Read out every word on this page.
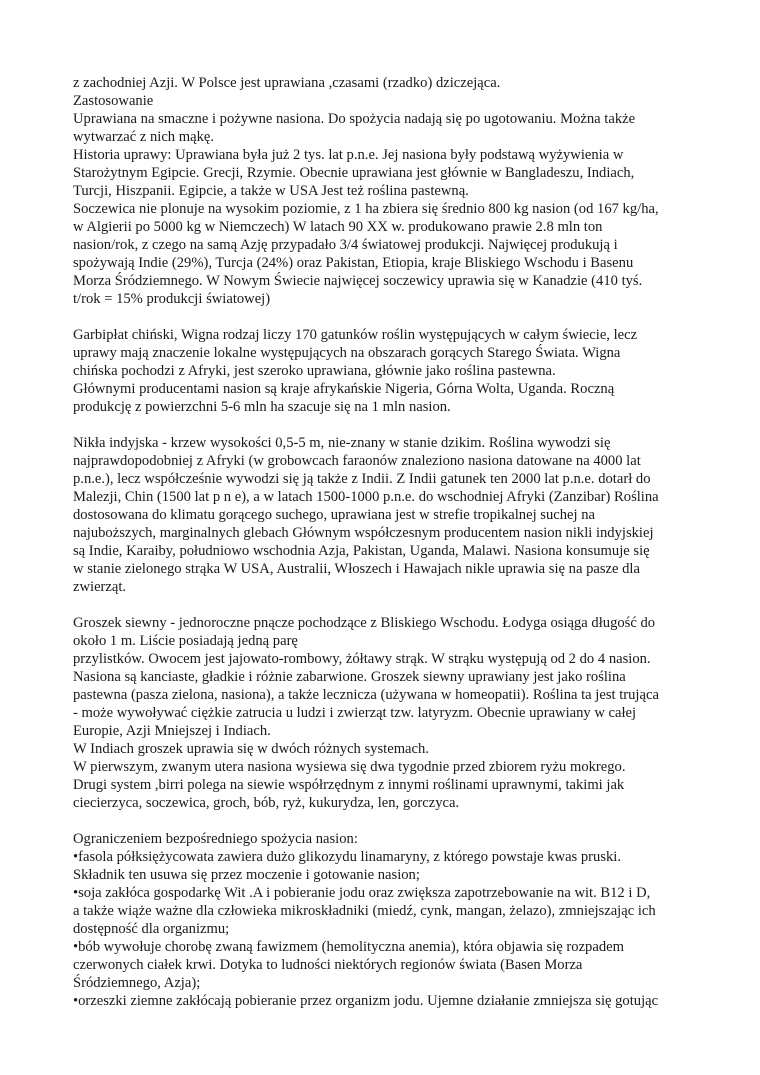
z zachodniej Azji. W Polsce jest uprawiana ,czasami (rzadko) dziczejąca.
Zastosowanie
Uprawiana na smaczne i pożywne nasiona. Do spożycia nadają się po ugotowaniu. Można także
wytwarzać z nich mąkę.
Historia uprawy: Uprawiana była już 2 tys. lat p.n.e. Jej nasiona były podstawą wyżywienia w
Starożytnym Egipcie. Grecji, Rzymie. Obecnie uprawiana jest głównie w Bangladeszu, Indiach,
Turcji, Hiszpanii. Egipcie, a także w USA Jest też roślina pastewną.
Soczewica nie plonuje na wysokim poziomie, z 1 ha zbiera się średnio 800 kg nasion (od 167 kg/ha,
w Algierii po 5000 kg w Niemczech) W latach 90 XX w. produkowano prawie 2.8 mln ton
nasion/rok, z czego na samą Azję przypadało 3/4 światowej produkcji. Najwięcej produkują i
spożywają Indie (29%), Turcja (24%) oraz Pakistan, Etiopia, kraje Bliskiego Wschodu i Basenu
Morza Śródziemnego. W Nowym Świecie najwięcej soczewicy uprawia się w Kanadzie (410 tyś.
t/rok = 15% produkcji światowej)
Garbipłat chiński, Wigna rodzaj liczy 170 gatunków roślin występujących w całym świecie, lecz
uprawy mają znaczenie lokalne występujących na obszarach gorących Starego Świata. Wigna
chińska pochodzi z Afryki, jest szeroko uprawiana, głównie jako roślina pastewna.
Głównymi producentami nasion są kraje afrykańskie Nigeria, Górna Wolta, Uganda. Roczną
produkcję z powierzchni 5-6 mln ha szacuje się na 1 mln nasion.
Nikła indyjska - krzew wysokości 0,5-5 m, nie-znany w stanie dzikim. Roślina wywodzi się
najprawdopodobniej z Afryki (w grobowcach faraonów znaleziono nasiona datowane na 4000 lat
p.n.e.), lecz współcześnie wywodzi się ją także z Indii. Z Indii gatunek ten 2000 lat p.n.e. dotarł do
Malezji, Chin (1500 lat p n e), a w latach 1500-1000 p.n.e. do wschodniej Afryki (Zanzibar) Roślina
dostosowana do klimatu gorącego suchego, uprawiana jest w strefie tropikalnej suchej na
najuboższych, marginalnych glebach Głównym współczesnym producentem nasion nikli indyjskiej
są Indie, Karaiby, południowo wschodnia Azja, Pakistan, Uganda, Malawi. Nasiona konsumuje się
w stanie zielonego strąka W USA, Australii, Włoszech i Hawajach nikle uprawia się na pasze dla
zwierząt.
Groszek siewny - jednoroczne pnącze pochodzące z Bliskiego Wschodu. Łodyga osiąga długość do
około 1 m. Liście posiadają jedną parę
przylistków. Owocem jest jajowato-rombowy, żółtawy strąk. W strąku występują od 2 do 4 nasion.
Nasiona są kanciaste, gładkie i różnie zabarwione. Groszek siewny uprawiany jest jako roślina
pastewna (pasza zielona, nasiona), a także lecznicza (używana w homeopatii). Roślina ta jest trująca
- może wywoływać ciężkie zatrucia u ludzi i zwierząt tzw. latyryzm. Obecnie uprawiany w całej
Europie, Azji Mniejszej i Indiach.
W Indiach groszek uprawia się w dwóch różnych systemach.
W pierwszym, zwanym utera nasiona wysiewa się dwa tygodnie przed zbiorem ryżu mokrego.
Drugi system ,birri polega na siewie współrzędnym z innymi roślinami uprawnymi, takimi jak
ciecierzyca, soczewica, groch, bób, ryż, kukurydza, len, gorczyca.
Ograniczeniem bezpośredniego spożycia nasion:
•fasola półksiężycowata zawiera dużo glikozydu linamaryny, z którego powstaje kwas pruski.
Składnik ten usuwa się przez moczenie i gotowanie nasion;
•soja zakłóca gospodarkę Wit .A i pobieranie jodu oraz zwiększa zapotrzebowanie na wit. B12 i D,
a także wiąże ważne dla człowieka mikroskładniki (miedź, cynk, mangan, żelazo), zmniejszając ich
dostępność dla organizmu;
•bób wywołuje chorobę zwaną fawizmem (hemolityczna anemia), która objawia się rozpadem
czerwonych ciałek krwi. Dotyka to ludności niektórych regionów świata (Basen Morza
Śródziemnego, Azja);
•orzeszki ziemne zakłócają pobieranie przez organizm jodu. Ujemne działanie zmniejsza się gotując
